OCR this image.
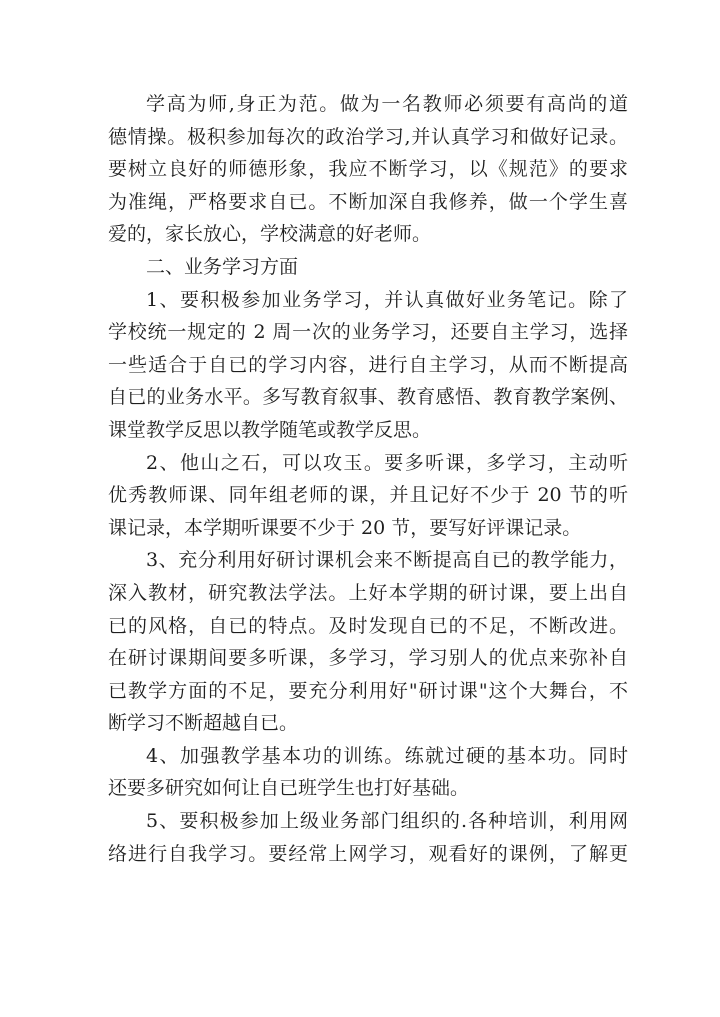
学高为师,身正为范。做为一名教师必须要有高尚的道
德情操。极积参加每次的政治学习,并认真学习和做好记录。
要树立良好的师德形象，我应不断学习，以《规范》的要求
为准绳，严格要求自已。不断加深自我修养，做一个学生喜
爱的，家长放心，学校满意的好老师。
二、业务学习方面
1、要积极参加业务学习，并认真做好业务笔记。除了
学校统一规定的 2 周一次的业务学习，还要自主学习，选择
一些适合于自已的学习内容，进行自主学习，从而不断提高
自已的业务水平。多写教育叙事、教育感悟、教育教学案例、
课堂教学反思以教学随笔或教学反思。
2、他山之石，可以攻玉。要多听课，多学习，主动听
优秀教师课、同年组老师的课，并且记好不少于 20 节的听
课记录，本学期听课要不少于 20 节，要写好评课记录。
3、充分利用好研讨课机会来不断提高自已的教学能力，
深入教材，研究教法学法。上好本学期的研讨课，要上出自
已的风格，自已的特点。及时发现自已的不足，不断改进。
在研讨课期间要多听课，多学习，学习别人的优点来弥补自
已教学方面的不足，要充分利用好"研讨课"这个大舞台，不
断学习不断超越自已。
4、加强教学基本功的训练。练就过硬的基本功。同时
还要多研究如何让自已班学生也打好基础。
5、要积极参加上级业务部门组织的.各种培训，利用网
络进行自我学习。要经常上网学习，观看好的课例，了解更
